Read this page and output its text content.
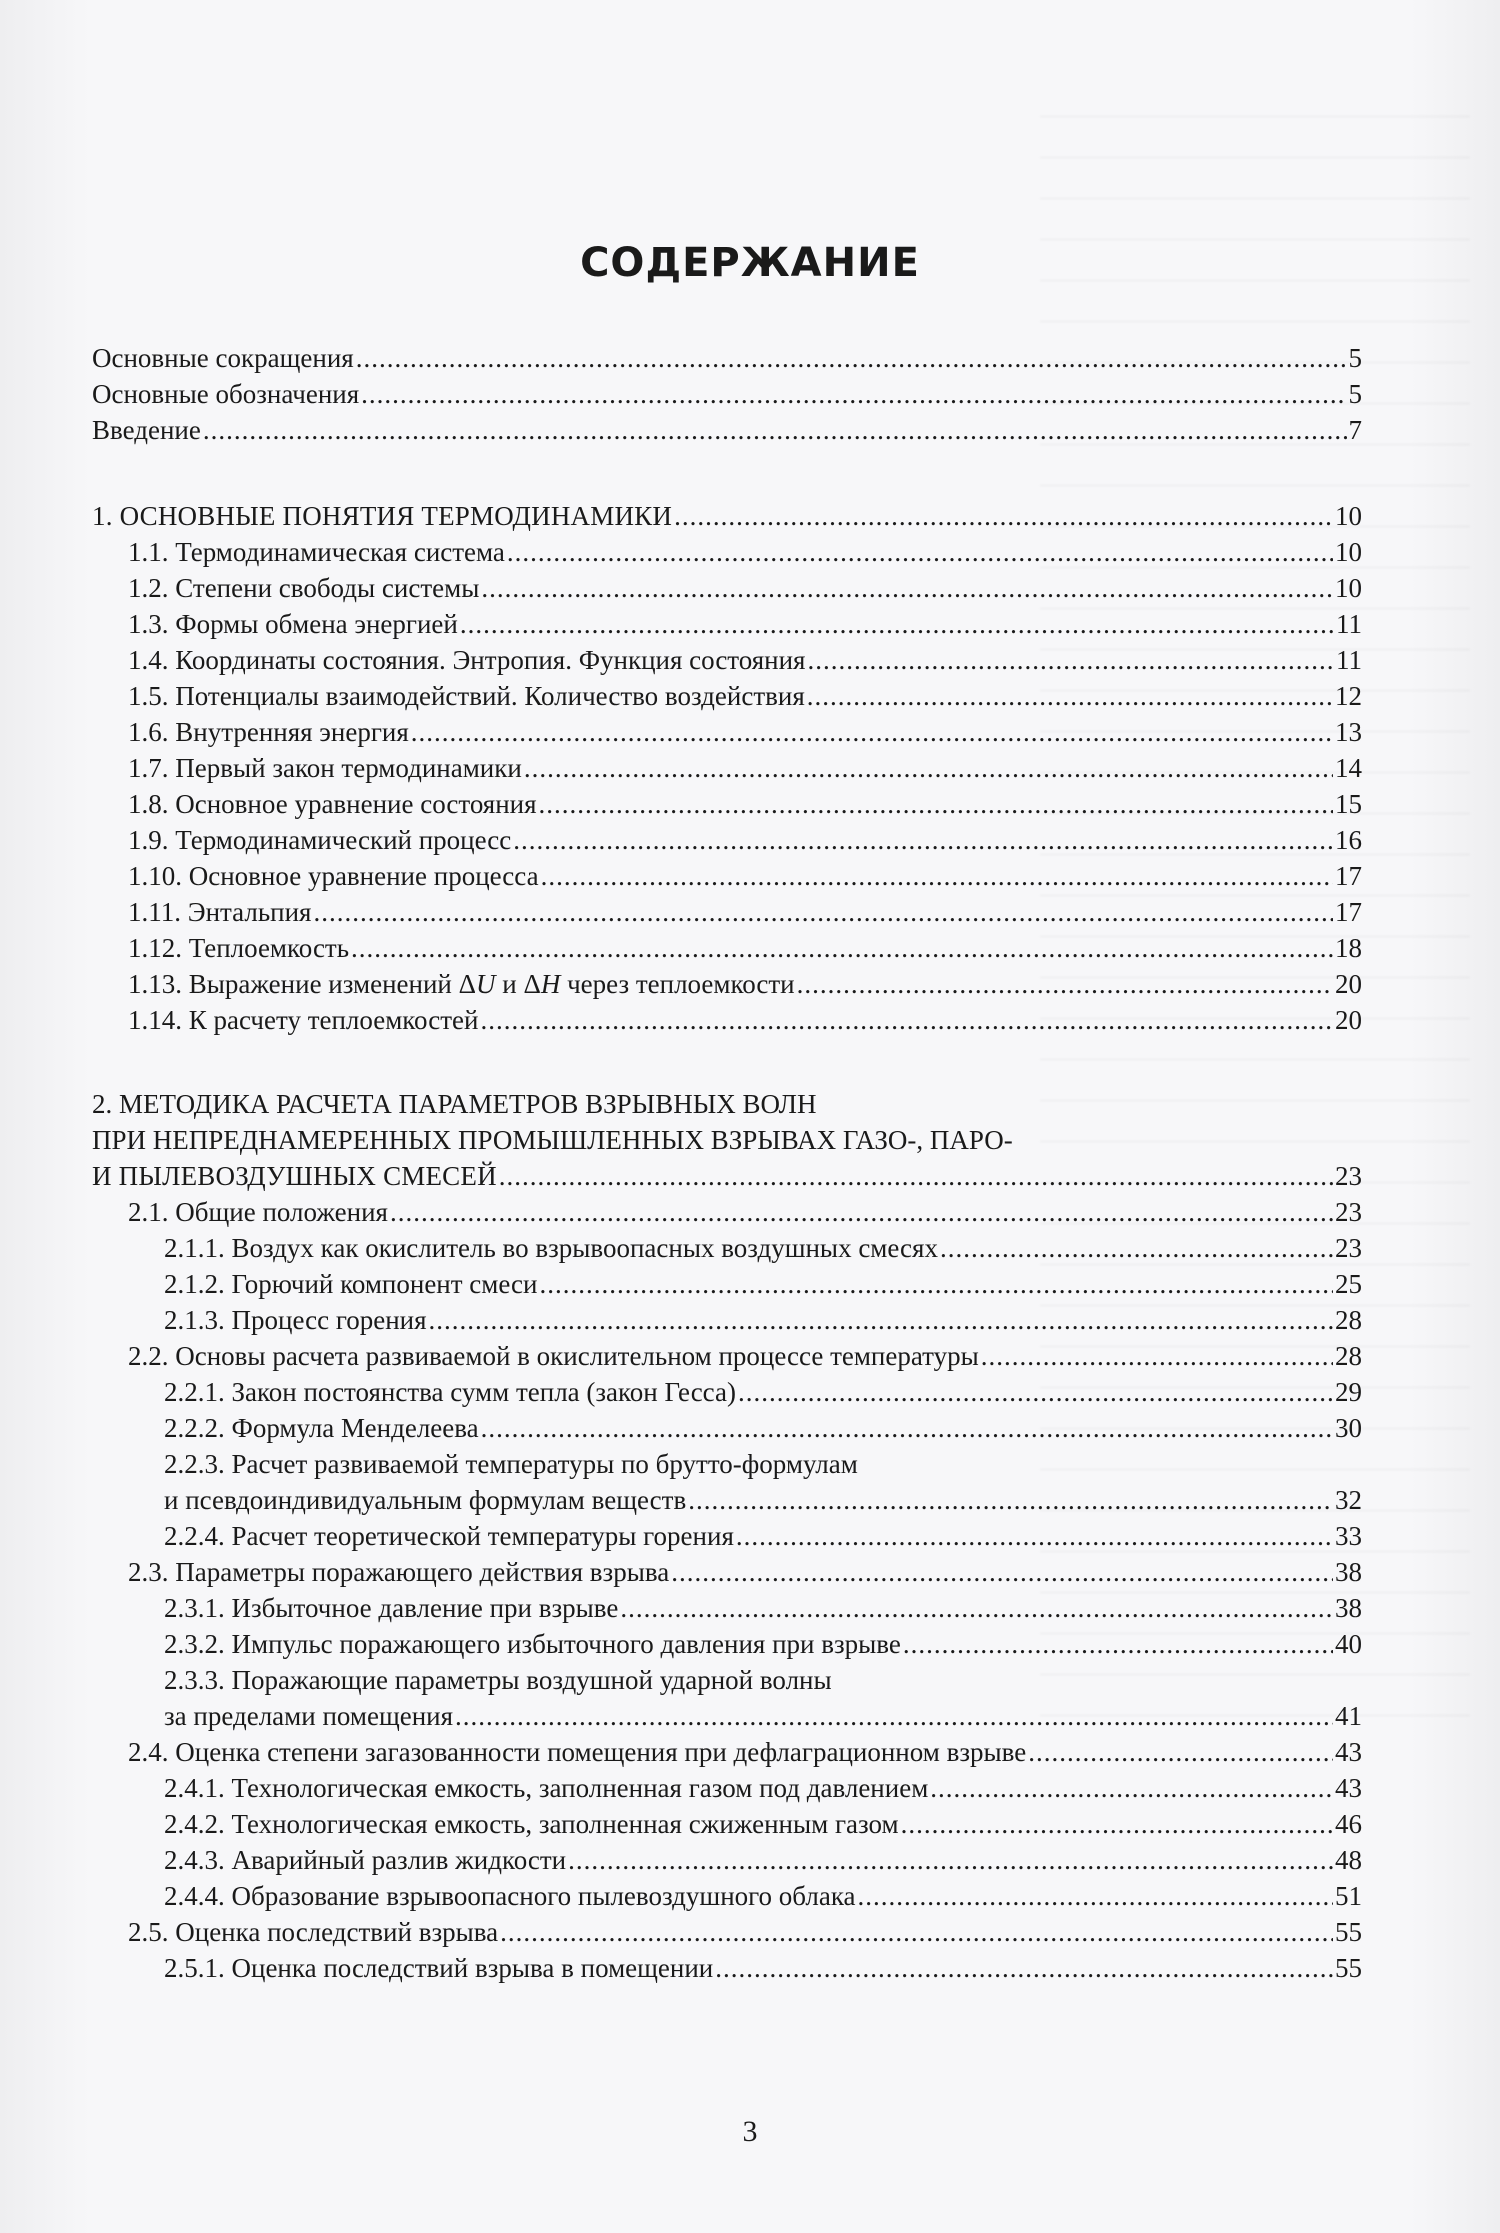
СОДЕРЖАНИЕ
Основные сокращения .....	5
Основные обозначения .....	5
Введение .....	7
1. ОСНОВНЫЕ ПОНЯТИЯ ТЕРМОДИНАМИКИ .....	10
1.1. Термодинамическая система .....	10
1.2. Степени свободы системы .....	10
1.3. Формы обмена энергией .....	11
1.4. Координаты состояния. Энтропия. Функция состояния .....	11
1.5. Потенциалы взаимодействий. Количество воздействия .....	12
1.6. Внутренняя энергия .....	13
1.7. Первый закон термодинамики .....	14
1.8. Основное уравнение состояния .....	15
1.9. Термодинамический процесс .....	16
1.10. Основное уравнение процесса .....	17
1.11. Энтальпия .....	17
1.12. Теплоемкость .....	18
1.13. Выражение изменений ΔU и ΔH через теплоемкости .....	20
1.14. К расчету теплоемкостей .....	20
2. МЕТОДИКА РАСЧЕТА ПАРАМЕТРОВ ВЗРЫВНЫХ ВОЛН
ПРИ НЕПРЕДНАМЕРЕННЫХ ПРОМЫШЛЕННЫХ ВЗРЫВАХ ГАЗО-, ПАРО-
И ПЫЛЕВОЗДУШНЫХ СМЕСЕЙ .....	23
2.1. Общие положения .....	23
2.1.1. Воздух как окислитель во взрывоопасных воздушных смесях .....	23
2.1.2. Горючий компонент смеси .....	25
2.1.3. Процесс горения .....	28
2.2. Основы расчета развиваемой в окислительном процессе температуры .....	28
2.2.1. Закон постоянства сумм тепла (закон Гесса) .....	29
2.2.2. Формула Менделеева .....	30
2.2.3. Расчет развиваемой температуры по брутто-формулам
и псевдоиндивидуальным формулам веществ .....	32
2.2.4. Расчет теоретической температуры горения .....	33
2.3. Параметры поражающего действия взрыва .....	38
2.3.1. Избыточное давление при взрыве .....	38
2.3.2. Импульс поражающего избыточного давления при взрыве .....	40
2.3.3. Поражающие параметры воздушной ударной волны
за пределами помещения .....	41
2.4. Оценка степени загазованности помещения при дефлаграционном взрыве .....	43
2.4.1. Технологическая емкость, заполненная газом под давлением .....	43
2.4.2. Технологическая емкость, заполненная сжиженным газом .....	46
2.4.3. Аварийный разлив жидкости .....	48
2.4.4. Образование взрывоопасного пылевоздушного облака .....	51
2.5. Оценка последствий взрыва .....	55
2.5.1. Оценка последствий взрыва в помещении .....	55
3
